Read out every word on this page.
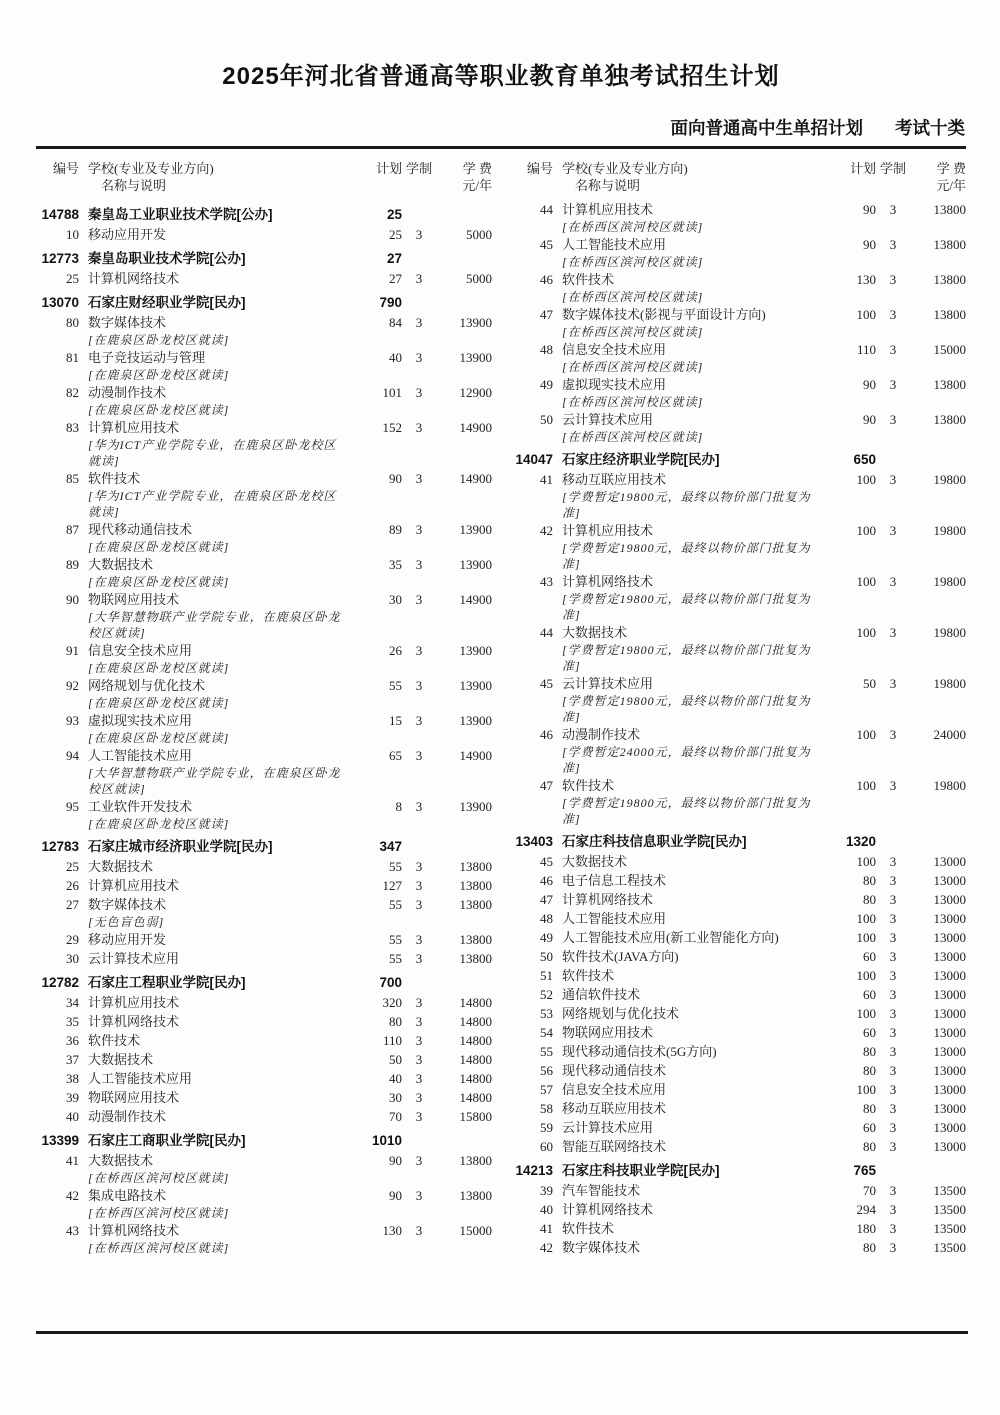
2025年河北省普通高等职业教育单独考试招生计划
面向普通高中生单招计划 考试十类
编号 学校(专业及专业方向)
名称与说明
计划 学制	学 费
元/年
编号 学校(专业及专业方向)
名称与说明
计划 学制	学 费
元/年
14788 秦皇岛工业职业技术学院[公办]	25
10 移动应用开发	25	3	5000
12773 秦皇岛职业技术学院[公办]	27
25 计算机网络技术	27	3	5000
13070 石家庄财经职业学院[民办]	790
80 数字媒体技术	84	3	13900
[在鹿泉区卧龙校区就读]
81 电子竞技运动与管理	40	3	13900
[在鹿泉区卧龙校区就读]
82 动漫制作技术	101	3	12900
[在鹿泉区卧龙校区就读]
83 计算机应用技术	152	3	14900
[华为ICT产业学院专业，在鹿泉区卧龙校区就读]
85 软件技术	90	3	14900
[华为ICT产业学院专业，在鹿泉区卧龙校区就读]
87 现代移动通信技术	89	3	13900
[在鹿泉区卧龙校区就读]
89 大数据技术	35	3	13900
[在鹿泉区卧龙校区就读]
90 物联网应用技术	30	3	14900
[大华智慧物联产业学院专业，在鹿泉区卧龙校区就读]
91 信息安全技术应用	26	3	13900
[在鹿泉区卧龙校区就读]
92 网络规划与优化技术	55	3	13900
[在鹿泉区卧龙校区就读]
93 虚拟现实技术应用	15	3	13900
[在鹿泉区卧龙校区就读]
94 人工智能技术应用	65	3	14900
[大华智慧物联产业学院专业，在鹿泉区卧龙校区就读]
95 工业软件开发技术	8	3	13900
[在鹿泉区卧龙校区就读]
12783 石家庄城市经济职业学院[民办]	347
25 大数据技术	55	3	13800
26 计算机应用技术	127	3	13800
27 数字媒体技术	55	3	13800
[无色盲色弱]
29 移动应用开发	55	3	13800
30 云计算技术应用	55	3	13800
12782 石家庄工程职业学院[民办]	700
34 计算机应用技术	320	3	14800
35 计算机网络技术	80	3	14800
36 软件技术	110	3	14800
37 大数据技术	50	3	14800
38 人工智能技术应用	40	3	14800
39 物联网应用技术	30	3	14800
40 动漫制作技术	70	3	15800
13399 石家庄工商职业学院[民办]	1010
41 大数据技术	90	3	13800
[在桥西区滨河校区就读]
42 集成电路技术	90	3	13800
[在桥西区滨河校区就读]
43 计算机网络技术	130	3	15000
[在桥西区滨河校区就读]
44 计算机应用技术	90	3	13800
[在桥西区滨河校区就读]
45 人工智能技术应用	90	3	13800
[在桥西区滨河校区就读]
46 软件技术	130	3	13800
[在桥西区滨河校区就读]
47 数字媒体技术(影视与平面设计方向)	100	3	13800
[在桥西区滨河校区就读]
48 信息安全技术应用	110	3	15000
[在桥西区滨河校区就读]
49 虚拟现实技术应用	90	3	13800
[在桥西区滨河校区就读]
50 云计算技术应用	90	3	13800
[在桥西区滨河校区就读]
14047 石家庄经济职业学院[民办]	650
41 移动互联应用技术	100	3	19800
[学费暂定19800元，最终以物价部门批复为准]
42 计算机应用技术	100	3	19800
[学费暂定19800元，最终以物价部门批复为准]
43 计算机网络技术	100	3	19800
[学费暂定19800元，最终以物价部门批复为准]
44 大数据技术	100	3	19800
[学费暂定19800元，最终以物价部门批复为准]
45 云计算技术应用	50	3	19800
[学费暂定19800元，最终以物价部门批复为准]
46 动漫制作技术	100	3	24000
[学费暂定24000元，最终以物价部门批复为准]
47 软件技术	100	3	19800
[学费暂定19800元，最终以物价部门批复为准]
13403 石家庄科技信息职业学院[民办]	1320
45 大数据技术	100	3	13000
46 电子信息工程技术	80	3	13000
47 计算机网络技术	80	3	13000
48 人工智能技术应用	100	3	13000
49 人工智能技术应用(新工业智能化方向)	100	3	13000
50 软件技术(JAVA方向)	60	3	13000
51 软件技术	100	3	13000
52 通信软件技术	60	3	13000
53 网络规划与优化技术	100	3	13000
54 物联网应用技术	60	3	13000
55 现代移动通信技术(5G方向)	80	3	13000
56 现代移动通信技术	80	3	13000
57 信息安全技术应用	100	3	13000
58 移动互联应用技术	80	3	13000
59 云计算技术应用	60	3	13000
60 智能互联网络技术	80	3	13000
14213 石家庄科技职业学院[民办]	765
39 汽车智能技术	70	3	13500
40 计算机网络技术	294	3	13500
41 软件技术	180	3	13500
42 数字媒体技术	80	3	13500
